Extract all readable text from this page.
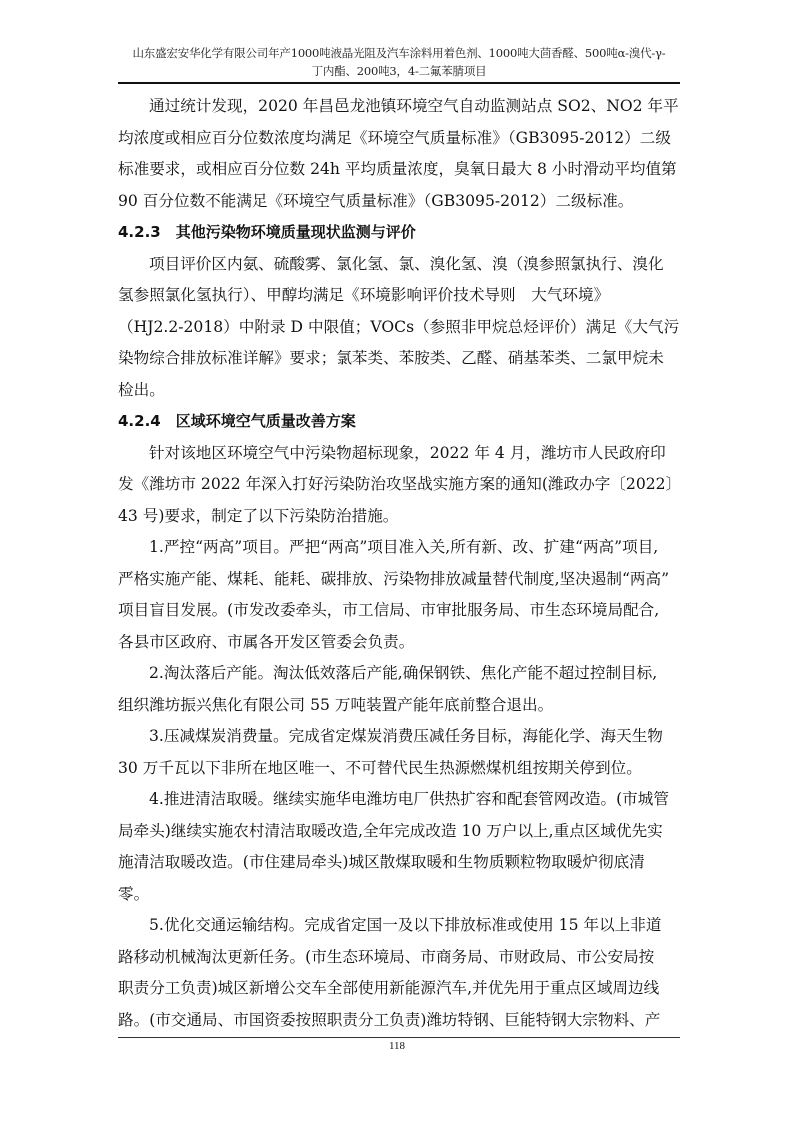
山东盛宏安华化学有限公司年产1000吨液晶光阻及汽车涂料用着色剂、1000吨大茴香醛、500吨α-溴代-γ-
丁内酯、200吨3，4-二氟苯腈项目
通过统计发现，2020 年昌邑龙池镇环境空气自动监测站点 SO2、NO2 年平
均浓度或相应百分位数浓度均满足《环境空气质量标准》（GB3095-2012）二级
标准要求，或相应百分位数 24h 平均质量浓度，臭氧日最大 8 小时滑动平均值第
90 百分位数不能满足《环境空气质量标准》（GB3095-2012）二级标准。
4.2.3　其他污染物环境质量现状监测与评价
项目评价区内氨、硫酸雾、氯化氢、氯、溴化氢、溴（溴参照氯执行、溴化
氢参照氯化氢执行）、甲醇均满足《环境影响评价技术导则　大气环境》
（HJ2.2-2018）中附录 D 中限值；VOCs（参照非甲烷总烃评价）满足《大气污
染物综合排放标准详解》要求；氯苯类、苯胺类、乙醛、硝基苯类、二氯甲烷未
检出。
4.2.4　区域环境空气质量改善方案
针对该地区环境空气中污染物超标现象，2022 年 4 月，潍坊市人民政府印
发《潍坊市 2022 年深入打好污染防治攻坚战实施方案的通知(潍政办字〔2022〕
43 号)要求，制定了以下污染防治措施。
1.严控“两高”项目。严把“两高”项目准入关,所有新、改、扩建“两高”项目,
严格实施产能、煤耗、能耗、碳排放、污染物排放减量替代制度,坚决遏制“两高”
项目盲目发展。(市发改委牵头，市工信局、市审批服务局、市生态环境局配合,
各县市区政府、市属各开发区管委会负责。
2.淘汰落后产能。淘汰低效落后产能,确保钢铁、焦化产能不超过控制目标,
组织潍坊振兴焦化有限公司 55 万吨装置产能年底前整合退出。
3.压减煤炭消费量。完成省定煤炭消费压减任务目标，海能化学、海天生物
30 万千瓦以下非所在地区唯一、不可替代民生热源燃煤机组按期关停到位。
4.推进清洁取暖。继续实施华电潍坊电厂供热扩容和配套管网改造。(市城管
局牵头)继续实施农村清洁取暖改造,全年完成改造 10 万户以上,重点区域优先实
施清洁取暖改造。(市住建局牵头)城区散煤取暖和生物质颗粒物取暖炉彻底清
零。
5.优化交通运输结构。完成省定国一及以下排放标准或使用 15 年以上非道
路移动机械淘汰更新任务。(市生态环境局、市商务局、市财政局、市公安局按
职责分工负责)城区新增公交车全部使用新能源汽车,并优先用于重点区域周边线
路。(市交通局、市国资委按照职责分工负责)潍坊特钢、巨能特钢大宗物料、产
118
